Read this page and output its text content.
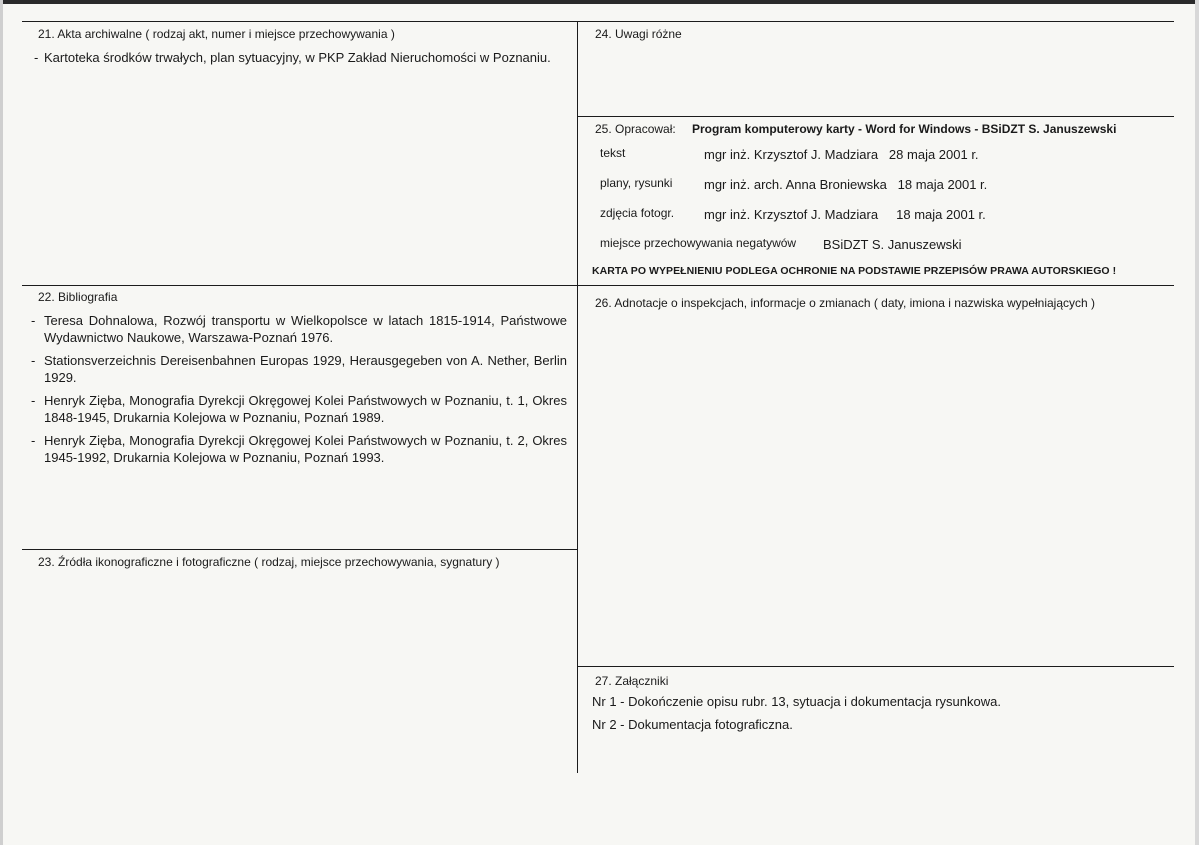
21. Akta archiwalne ( rodzaj akt, numer i miejsce przechowywania )
- Kartoteka środków trwałych, plan sytuacyjny, w PKP Zakład Nieruchomości w Poznaniu.
22. Bibliografia
- Teresa Dohnalowa, Rozwój transportu w Wielkopolsce w latach 1815-1914, Państwowe Wydawnictwo Naukowe, Warszawa-Poznań 1976.
- Stationsverzeichnis Dereisenbahnen Europas 1929, Herausgegeben von A. Nether, Berlin 1929.
- Henryk Zięba, Monografia Dyrekcji Okręgowej Kolei Państwowych w Poznaniu, t. 1, Okres 1848-1945, Drukarnia Kolejowa w Poznaniu, Poznań 1989.
- Henryk Zięba, Monografia Dyrekcji Okręgowej Kolei Państwowych w Poznaniu, t. 2, Okres 1945-1992, Drukarnia Kolejowa w Poznaniu, Poznań 1993.
23. Źródła ikonograficzne i fotograficzne ( rodzaj, miejsce przechowywania, sygnatury )
24. Uwagi różne
25. Opracował: Program komputerowy karty - Word for Windows - BSiDZT S. Januszewski
tekst	mgr inż. Krzysztof J. Madziara   28 maja 2001 r.
plany, rysunki mgr inż. arch. Anna Broniewska   18 maja 2001 r.
zdjęcia fotogr. mgr inż. Krzysztof J. Madziara     18 maja 2001 r.
miejsce przechowywania negatywów BSiDZT S. Januszewski
KARTA PO WYPEŁNIENIU PODLEGA OCHRONIE NA PODSTAWIE PRZEPISÓW PRAWA AUTORSKIEGO !
26. Adnotacje o inspekcjach, informacje o zmianach ( daty, imiona i nazwiska wypełniających )
27. Załączniki
Nr 1 - Dokończenie opisu rubr. 13, sytuacja i dokumentacja rysunkowa.
Nr 2 - Dokumentacja fotograficzna.
